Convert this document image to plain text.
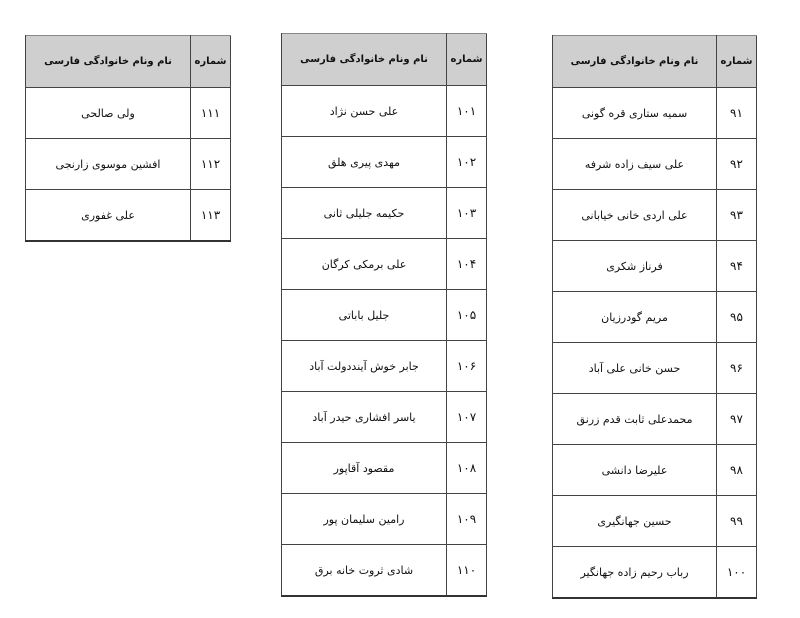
شماره	نام ونام خانوادگی فارسی
۹۱	سمیه ستاری قره گونی
۹۲	علی سیف زاده شرفه
۹۳	علی اردی خانی خیابانی
۹۴	فرناز شکری
۹۵	مریم گودرزیان
۹۶	حسن خانی علی آباد
۹۷	محمدعلی ثابت قدم زرنق
۹۸	علیرضا دانشی
۹۹	حسین جهانگیری
۱۰۰	رباب رحیم زاده جهانگیر
شماره	نام ونام خانوادگی فارسی
۱۰۱	علی حسن نژاد
۱۰۲	مهدی پیری هلق
۱۰۳	حکیمه جلیلی ثانی
۱۰۴	علی برمکی کرگان
۱۰۵	جلیل باباتی
۱۰۶	جابر خوش آینددولت آباد
۱۰۷	یاسر افشاری حیدر آباد
۱۰۸	مقصود آقاپور
۱۰۹	رامین سلیمان پور
۱۱۰	شادی ثروت خانه برق
شماره	نام ونام خانوادگی فارسی
۱۱۱	ولی صالحی
۱۱۲	افشین موسوی زارنجی
۱۱۳	علی غفوری
